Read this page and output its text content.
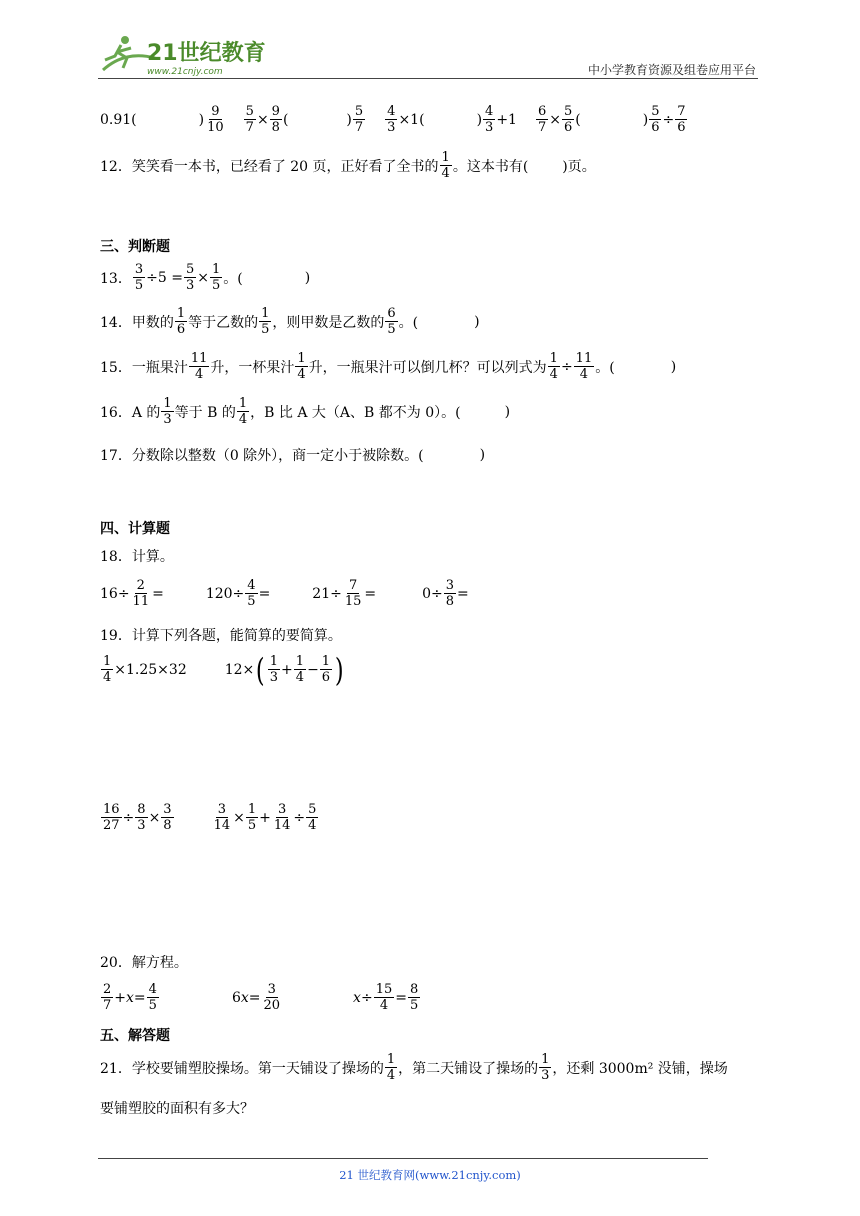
21世纪教育
www.21cnjy.com	中小学教育资源及组卷应用平台
0.91(	) $\frac{9}{10} \frac{5}{7} \times \frac{9}{8}$ (	) $\frac{5}{7} \frac{4}{3} \times 1$(	) $\frac{4}{3} +1 \frac{6}{7} \times \frac{5}{6}$ (	) $\frac{5}{6} \div \frac{7}{6}$
12． 笑笑看一本书，已经看了 20 页，正好看了全书的 $\frac{1}{4}$ 。这本书有( )页。
三、判断题
13． $\frac{3}{5} \div 5 = \frac{5}{3} \times \frac{1}{5}$ 。(	)
14． 甲数的 $\frac{1}{6}$ 等于乙数的 $\frac{1}{5}$ ，则甲数是乙数的 $\frac{6}{5}$ 。(	)
15． 一瓶果汁 $\frac{11}{4}$ 升，一杯果汁 $\frac{1}{4}$ 升，一瓶果汁可以倒几杯？可以列式为 $\frac{1}{4} \div \frac{11}{4}$ 。(	)
16． A 的 $\frac{1}{3}$ 等于 B 的 $\frac{1}{4}$ ，B 比 A 大（A、B 都不为 0）。(	)
17． 分数除以整数（0 除外），商一定小于被除数。(	)
四、计算题
18．计算。
$16\div \frac{2}{11}$ =	$120\div \frac{4}{5}$ =	$21\div \frac{7}{15}$ =	$0\div \frac{3}{8}$ =
19．计算下列各题，能简算的要简算。
$\frac{1}{4} \times 1.25\times 32$	12× ( $\frac{1}{3} + \frac{1}{4} - \frac{1}{6}$ )
$\frac{16}{27} \div \frac{8}{3} \times \frac{3}{8}$	$\frac{3}{14} \times \frac{1}{5} + \frac{3}{14} \div \frac{5}{4}$
20．解方程。
$\frac{2}{7} + x = \frac{4}{5}$	6 $x = \frac{3}{20}$	$x \div \frac{15}{4} = \frac{8}{5}$
五、解答题
21． 学校要铺塑胶操场。第一天铺设了操场的 $\frac{1}{4}$ ，第二天铺设了操场的 $\frac{1}{3}$ ，还剩 3000m² 没铺，操场
要铺塑胶的面积有多大？
21 世纪教育网(www.21cnjy.com)
